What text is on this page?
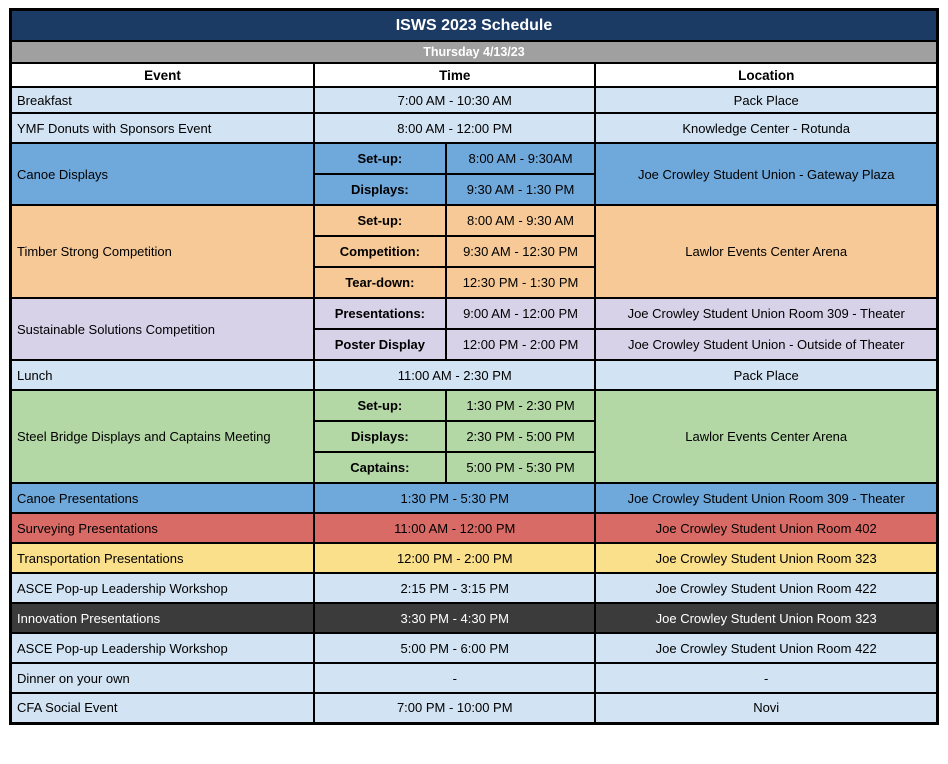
ISWS 2023 Schedule			
Thursday 4/13/23			
Event	Time		Location
Breakfast	7:00 AM - 10:30 AM		Pack Place
YMF Donuts with Sponsors Event	8:00 AM - 12:00 PM		Knowledge Center - Rotunda
Canoe Displays	Set-up:	8:00 AM - 9:30AM	Joe Crowley Student Union - Gateway Plaza
	Displays:	9:30 AM - 1:30 PM	
Timber Strong Competition	Set-up:	8:00 AM - 9:30 AM	Lawlor Events Center Arena
	Competition:	9:30 AM - 12:30 PM	
	Tear-down:	12:30 PM - 1:30 PM	
Sustainable Solutions Competition	Presentations:	9:00 AM - 12:00 PM	Joe Crowley Student Union Room 309 - Theater
	Poster Display	12:00 PM - 2:00 PM	Joe Crowley Student Union - Outside of Theater
Lunch	11:00 AM - 2:30 PM		Pack Place
Steel Bridge Displays and Captains Meeting	Set-up:	1:30 PM - 2:30 PM	Lawlor Events Center Arena
	Displays:	2:30 PM - 5:00 PM	
	Captains:	5:00 PM - 5:30 PM	
Canoe Presentations	1:30 PM - 5:30 PM		Joe Crowley Student Union Room 309 - Theater
Surveying Presentations	11:00 AM - 12:00 PM		Joe Crowley Student Union Room 402
Transportation Presentations	12:00 PM - 2:00 PM		Joe Crowley Student Union Room 323
ASCE Pop-up Leadership Workshop	2:15 PM - 3:15 PM		Joe Crowley Student Union Room 422
Innovation Presentations	3:30 PM - 4:30 PM		Joe Crowley Student Union Room 323
ASCE Pop-up Leadership Workshop	5:00 PM - 6:00 PM		Joe Crowley Student Union Room 422
Dinner on your own	-		-
CFA Social Event	7:00 PM - 10:00 PM		Novi
